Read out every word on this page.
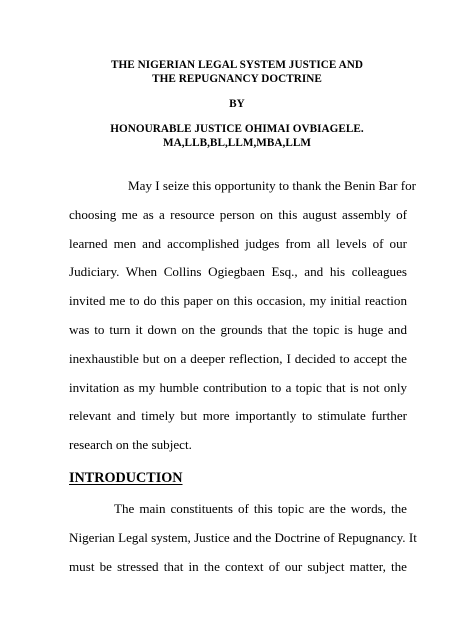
THE NIGERIAN LEGAL SYSTEM JUSTICE AND
THE REPUGNANCY DOCTRINE
BY
HONOURABLE JUSTICE OHIMAI OVBIAGELE.
MA,LLB,BL,LLM,MBA,LLM
May I seize this opportunity to thank the Benin Bar for
choosing me as a resource person on this august assembly of
learned men and accomplished judges from all levels of our
Judiciary. When Collins Ogiegbaen Esq., and his colleagues
invited me to do this paper on this occasion, my initial reaction
was to turn it down on the grounds that the topic is huge and
inexhaustible but on a deeper reflection, I decided to accept the
invitation as my humble contribution to a topic that is not only
relevant and timely but more importantly to stimulate further
research on the subject.
INTRODUCTION
The main constituents of this topic are the words, the
Nigerian Legal system, Justice and the Doctrine of Repugnancy. It
must be stressed that in the context of our subject matter, the
